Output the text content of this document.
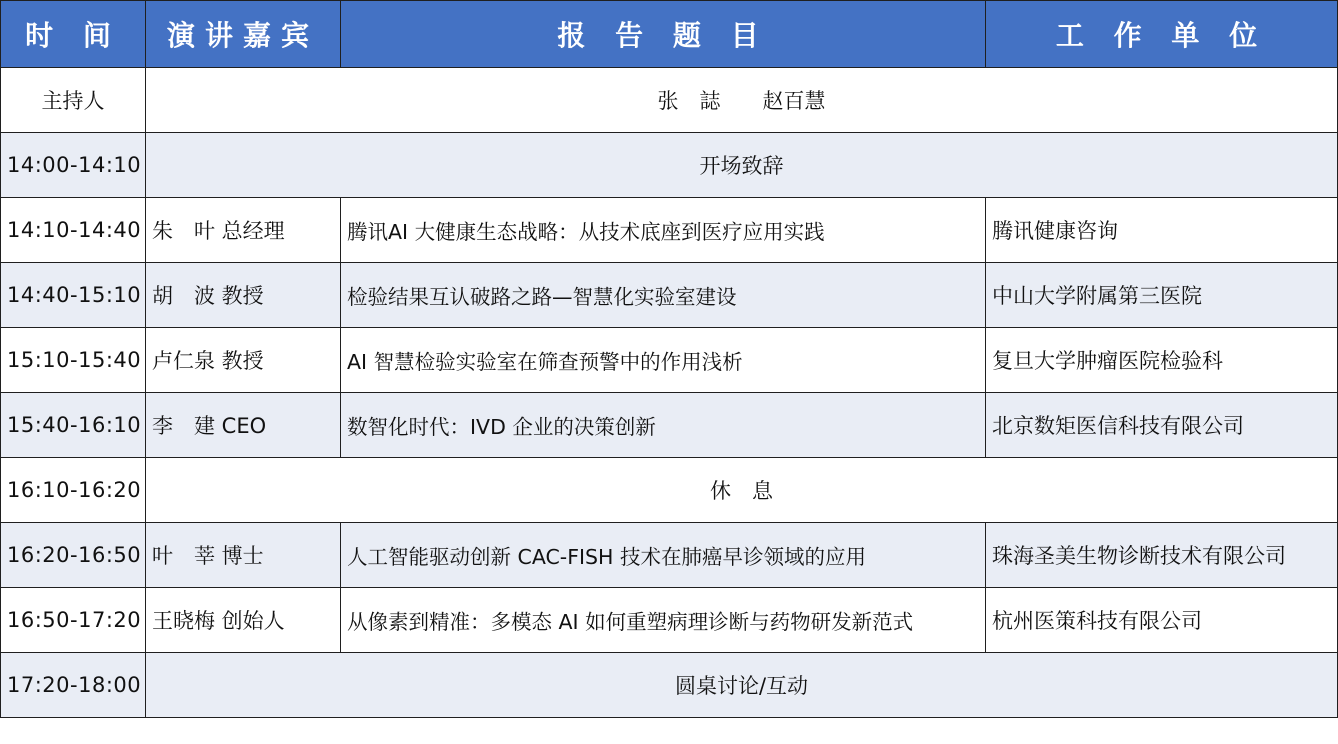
时 间	演讲嘉宾	报 告 题 目	工 作 单 位
主持人	张　誌　　赵百慧		
14:00-14:10	开场致辞		
14:10-14:40	朱　叶 总经理	腾讯AI 大健康生态战略：从技术底座到医疗应用实践	腾讯健康咨询
14:40-15:10	胡　波 教授	检验结果互认破路之路—智慧化实验室建设	中山大学附属第三医院
15:10-15:40	卢仁泉 教授	AI 智慧检验实验室在筛查预警中的作用浅析	复旦大学肿瘤医院检验科
15:40-16:10	李　建 CEO	数智化时代：IVD 企业的决策创新	北京数矩医信科技有限公司
16:10-16:20	休　息		
16:20-16:50	叶　莘 博士	人工智能驱动创新 CAC-FISH 技术在肺癌早诊领域的应用	珠海圣美生物诊断技术有限公司
16:50-17:20	王晓梅 创始人	从像素到精准：多模态 AI 如何重塑病理诊断与药物研发新范式	杭州医策科技有限公司
17:20-18:00	圆桌讨论/互动		
